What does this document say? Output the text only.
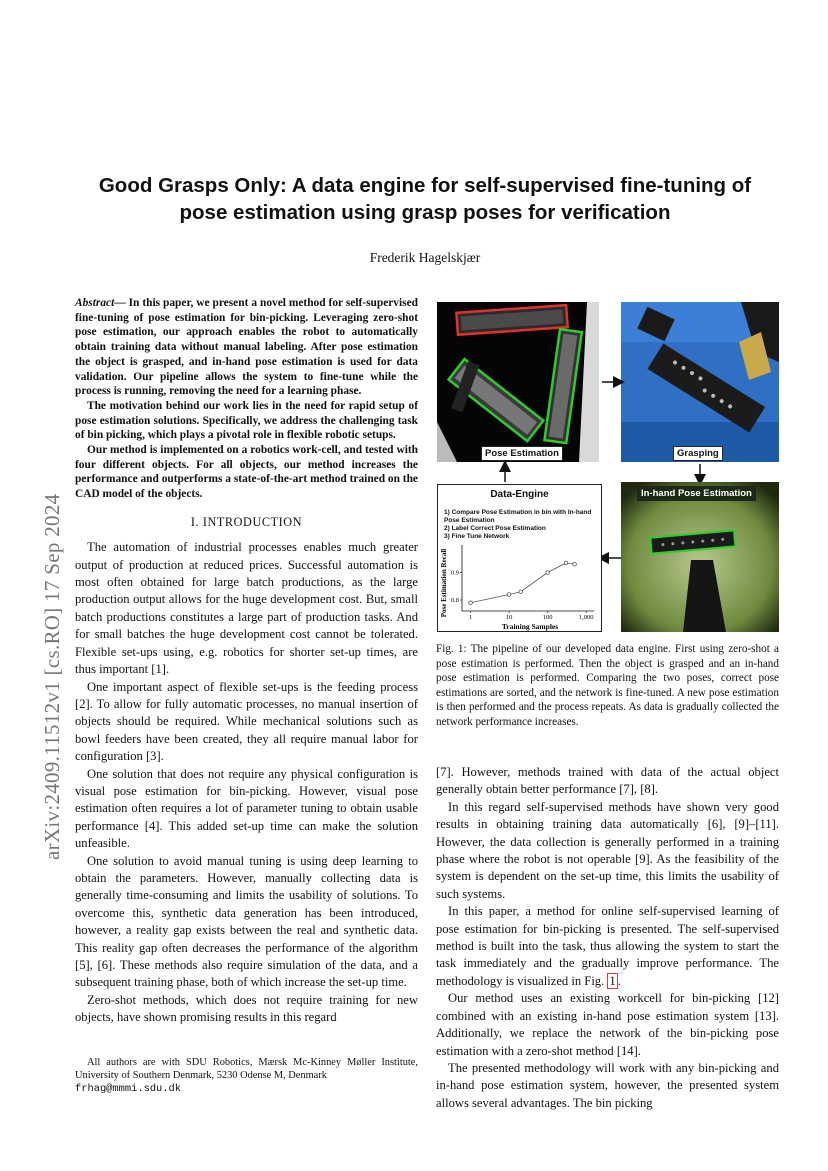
arXiv:2409.11512v1 [cs.RO] 17 Sep 2024
Good Grasps Only: A data engine for self-supervised fine-tuning of pose estimation using grasp poses for verification
Frederik Hagelskjær

Abstract— In this paper, we present a novel method for self-supervised fine-tuning of pose estimation for bin-picking. Leveraging zero-shot pose estimation, our approach enables the robot to automatically obtain training data without manual labeling. After pose estimation the object is grasped, and in-hand pose estimation is used for data validation. Our pipeline allows the system to fine-tune while the process is running, removing the need for a learning phase.

The motivation behind our work lies in the need for rapid setup of pose estimation solutions. Specifically, we address the challenging task of bin picking, which plays a pivotal role in flexible robotic setups.

Our method is implemented on a robotics work-cell, and tested with four different objects. For all objects, our method increases the performance and outperforms a state-of-the-art method trained on the CAD model of the objects.

I. INTRODUCTION

The automation of industrial processes enables much greater output of production at reduced prices. Successful automation is most often obtained for large batch productions, as the large production output allows for the huge development cost. But, small batch productions constitutes a large part of production tasks. And for small batches the huge development cost cannot be tolerated. Flexible set-ups using, e.g. robotics for shorter set-up times, are thus important [1].

One important aspect of flexible set-ups is the feeding process [2]. To allow for fully automatic processes, no manual insertion of objects should be required. While mechanical solutions such as bowl feeders have been created, they all require manual labor for configuration [3].

One solution that does not require any physical configuration is visual pose estimation for bin-picking. However, visual pose estimation often requires a lot of parameter tuning to obtain usable performance [4]. This added set-up time can make the solution unfeasible.

One solution to avoid manual tuning is using deep learning to obtain the parameters. However, manually collecting data is generally time-consuming and limits the usability of solutions. To overcome this, synthetic data generation has been introduced, however, a reality gap exists between the real and synthetic data. This reality gap often decreases the performance of the algorithm [5], [6]. These methods also require simulation of the data, and a subsequent training phase, both of which increase the set-up time.

Zero-shot methods, which does not require training for new objects, have shown promising results in this regard

All authors are with SDU Robotics, Mærsk Mc-Kinney Møller Institute, University of Southern Denmark, 5230 Odense M, Denmark
frhag@mmmi.sdu.dk

Pose Estimation	Grasping
Data-Engine
1) Compare Pose Estimation in bin with In-hand Pose Estimation
2) Label Correct Pose Estimation
3) Fine Tune Network
Pose Estimation Recall
Training Samples
1	10	100	1,000
0.8
0.9
In-hand Pose Estimation
Fig. 1: The pipeline of our developed data engine. First using zero-shot a pose estimation is performed. Then the object is grasped and an in-hand pose estimation is performed. Comparing the two poses, correct pose estimations are sorted, and the network is fine-tuned. A new pose estimation is then performed and the process repeats. As data is gradually collected the network performance increases.

[7]. However, methods trained with data of the actual object generally obtain better performance [7], [8].

In this regard self-supervised methods have shown very good results in obtaining training data automatically [6], [9]–[11]. However, the data collection is generally performed in a training phase where the robot is not operable [9]. As the feasibility of the system is dependent on the set-up time, this limits the usability of such systems.

In this paper, a method for online self-supervised learning of pose estimation for bin-picking is presented. The self-supervised method is built into the task, thus allowing the system to start the task immediately and the gradually improve performance. The methodology is visualized in Fig. 1 .

Our method uses an existing workcell for bin-picking [12] combined with an existing in-hand pose estimation system [13]. Additionally, we replace the network of the bin-picking pose estimation with a zero-shot method [14].

The presented methodology will work with any bin-picking and in-hand pose estimation system, however, the presented system allows several advantages. The bin picking
